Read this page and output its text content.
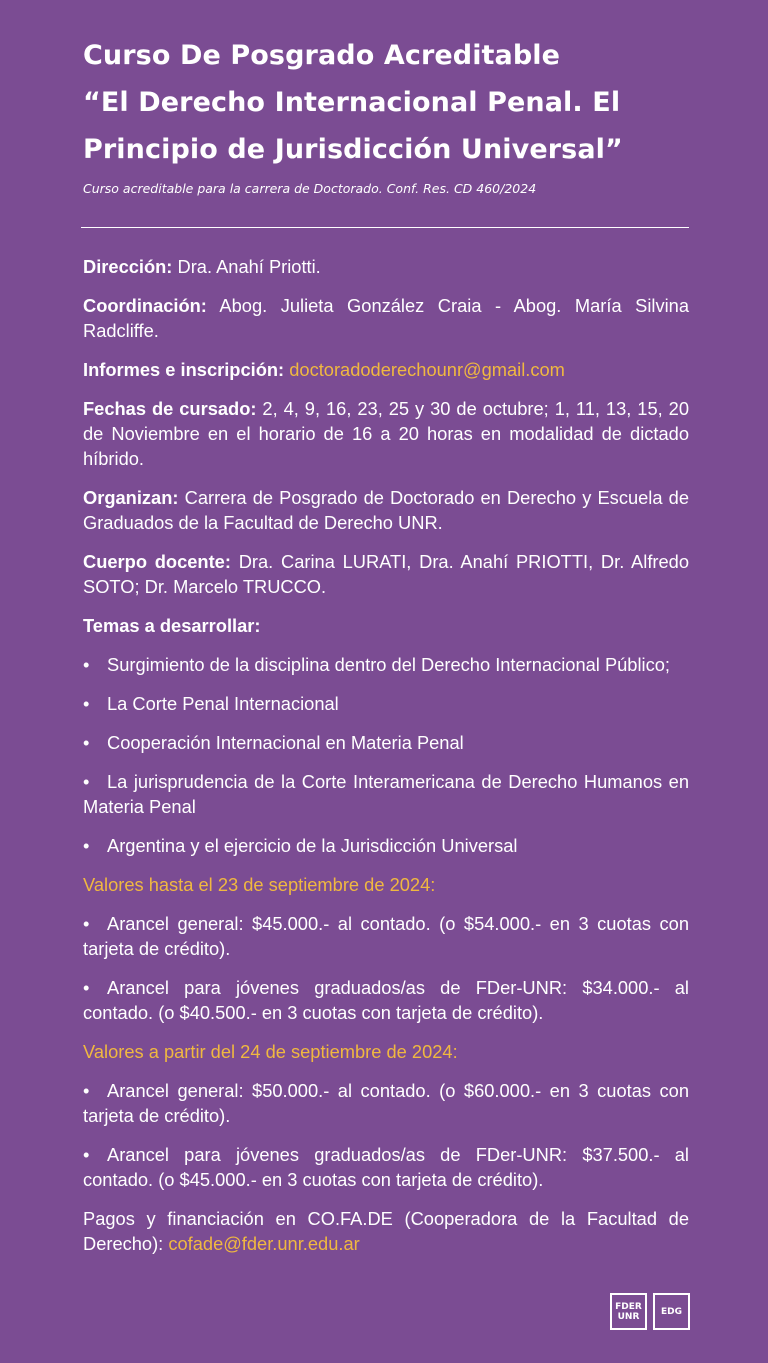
Curso De Posgrado Acreditable
“El Derecho Internacional Penal. El
Principio de Jurisdicción Universal”

Curso acreditable para la carrera de Doctorado. Conf. Res. CD 460/2024

Dirección: Dra. Anahí Priotti.

Coordinación: Abog. Julieta González Craia - Abog. María Silvina Radcliffe.

Informes e inscripción: doctoradoderechounr@gmail.com

Fechas de cursado: 2, 4, 9, 16, 23, 25 y 30 de octubre; 1, 11, 13, 15, 20 de Noviembre en el horario de 16 a 20 horas en modalidad de dictado híbrido.

Organizan: Carrera de Posgrado de Doctorado en Derecho y Escuela de Graduados de la Facultad de Derecho UNR.

Cuerpo docente: Dra. Carina LURATI, Dra. Anahí PRIOTTI, Dr. Alfredo SOTO; Dr. Marcelo TRUCCO.

Temas a desarrollar:

• Surgimiento de la disciplina dentro del Derecho Internacional Público;
• La Corte Penal Internacional
• Cooperación Internacional en Materia Penal
• La jurisprudencia de la Corte Interamericana de Derecho Humanos en Materia Penal
• Argentina y el ejercicio de la Jurisdicción Universal

Valores hasta el 23 de septiembre de 2024:

• Arancel general: $45.000.- al contado. (o $54.000.- en 3 cuotas con tarjeta de crédito).
• Arancel para jóvenes graduados/as de FDer-UNR: $34.000.- al contado. (o $40.500.- en 3 cuotas con tarjeta de crédito).

Valores a partir del 24 de septiembre de 2024:

• Arancel general: $50.000.- al contado. (o $60.000.- en 3 cuotas con tarjeta de crédito).
• Arancel para jóvenes graduados/as de FDer-UNR: $37.500.- al contado. (o $45.000.- en 3 cuotas con tarjeta de crédito).

Pagos y financiación en CO.FA.DE (Cooperadora de la Facultad de Derecho): cofade@fder.unr.edu.ar

FDER
UNR EDG
